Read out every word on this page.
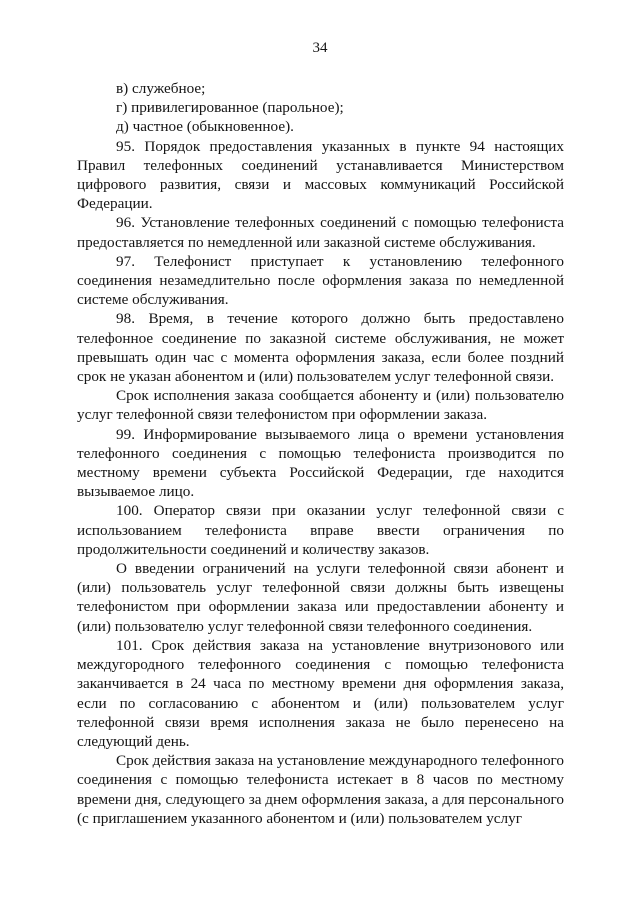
34

в) служебное;

г) привилегированное (парольное);

д) частное (обыкновенное).

95. Порядок предоставления указанных в пункте 94 настоящих Правил телефонных соединений устанавливается Министерством цифрового развития, связи и массовых коммуникаций Российской Федерации.

96. Установление телефонных соединений с помощью телефониста предоставляется по немедленной или заказной системе обслуживания.

97. Телефонист приступает к установлению телефонного соединения незамедлительно после оформления заказа по немедленной системе обслуживания.

98. Время, в течение которого должно быть предоставлено телефонное соединение по заказной системе обслуживания, не может превышать один час с момента оформления заказа, если более поздний срок не указан абонентом и (или) пользователем услуг телефонной связи.

Срок исполнения заказа сообщается абоненту и (или) пользователю услуг телефонной связи телефонистом при оформлении заказа.

99. Информирование вызываемого лица о времени установления телефонного соединения с помощью телефониста производится по местному времени субъекта Российской Федерации, где находится вызываемое лицо.

100. Оператор связи при оказании услуг телефонной связи с использованием телефониста вправе ввести ограничения по продолжительности соединений и количеству заказов.

О введении ограничений на услуги телефонной связи абонент и (или) пользователь услуг телефонной связи должны быть извещены телефонистом при оформлении заказа или предоставлении абоненту и (или) пользователю услуг телефонной связи телефонного соединения.

101. Срок действия заказа на установление внутризонового или междугородного телефонного соединения с помощью телефониста заканчивается в 24 часа по местному времени дня оформления заказа, если по согласованию с абонентом и (или) пользователем услуг телефонной связи время исполнения заказа не было перенесено на следующий день.

Срок действия заказа на установление международного телефонного соединения с помощью телефониста истекает в 8 часов по местному времени дня, следующего за днем оформления заказа, а для персонального (с приглашением указанного абонентом и (или) пользователем услуг
